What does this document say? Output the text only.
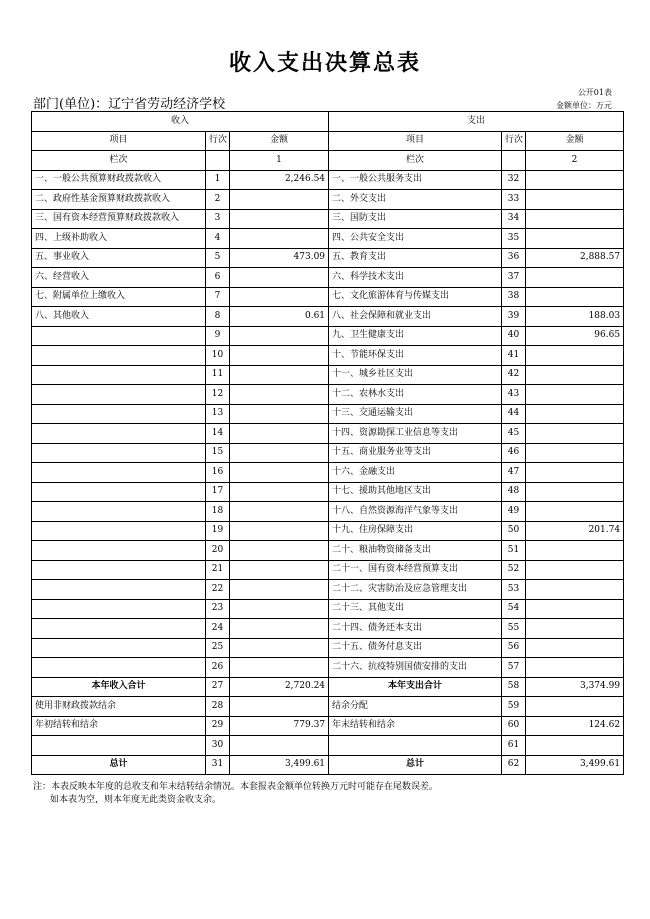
收入支出决算总表
公开01表
金额单位：万元
部门(单位)：辽宁省劳动经济学校
收入			支出		
项目	行次	金额	项目	行次	金额
栏次		1	栏次		2
一、一般公共预算财政拨款收入	1	2,246.54	一、一般公共服务支出	32	
二、政府性基金预算财政拨款收入	2		二、外交支出	33	
三、国有资本经营预算财政拨款收入	3		三、国防支出	34	
四、上级补助收入	4		四、公共安全支出	35	
五、事业收入	5	473.09	五、教育支出	36	2,888.57
六、经营收入	6		六、科学技术支出	37	
七、附属单位上缴收入	7		七、文化旅游体育与传媒支出	38	
八、其他收入	8	0.61	八、社会保障和就业支出	39	188.03
	9		九、卫生健康支出	40	96.65
	10		十、节能环保支出	41	
	11		十一、城乡社区支出	42	
	12		十二、农林水支出	43	
	13		十三、交通运输支出	44	
	14		十四、资源勘探工业信息等支出	45	
	15		十五、商业服务业等支出	46	
	16		十六、金融支出	47	
	17		十七、援助其他地区支出	48	
	18		十八、自然资源海洋气象等支出	49	
	19		十九、住房保障支出	50	201.74
	20		二十、粮油物资储备支出	51	
	21		二十一、国有资本经营预算支出	52	
	22		二十二、灾害防治及应急管理支出	53	
	23		二十三、其他支出	54	
	24		二十四、债务还本支出	55	
	25		二十五、债务付息支出	56	
	26		二十六、抗疫特别国债安排的支出	57	
本年收入合计	27	2,720.24	本年支出合计	58	3,374.99
使用非财政拨款结余	28		结余分配	59	
年初结转和结余	29	779.37	年末结转和结余	60	124.62
	30			61	
总计	31	3,499.61	总计	62	3,499.61

注：本表反映本年度的总收支和年末结转结余情况。本套报表金额单位转换万元时可能存在尾数误差。

如本表为空，则本年度无此类资金收支余。
